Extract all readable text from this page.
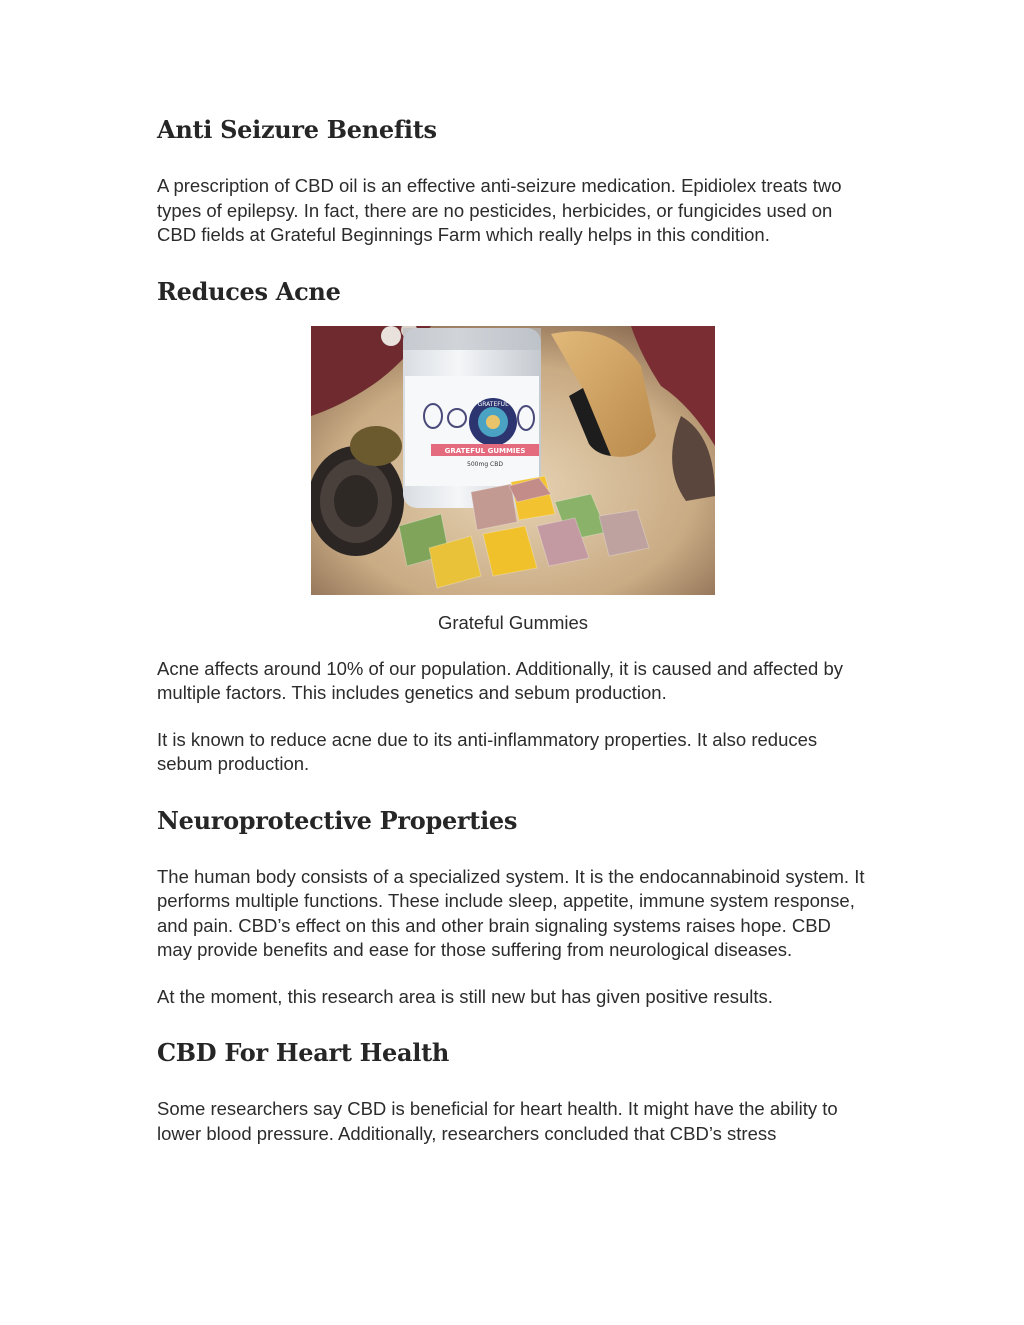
Anti Seizure Benefits

A prescription of CBD oil is an effective anti-seizure medication. Epidiolex treats two types of epilepsy. In fact, there are no pesticides, herbicides, or fungicides used on CBD fields at Grateful Beginnings Farm which really helps in this condition.

Reduces Acne
GRATEFUL
GRATEFUL GUMMIES
500mg CBD
Grateful Gummies

Acne affects around 10% of our population. Additionally, it is caused and affected by multiple factors. This includes genetics and sebum production.

It is known to reduce acne due to its anti-inflammatory properties. It also reduces sebum production.

Neuroprotective Properties

The human body consists of a specialized system. It is the endocannabinoid system. It performs multiple functions. These include sleep, appetite, immune system response, and pain. CBD’s effect on this and other brain signaling systems raises hope. CBD may provide benefits and ease for those suffering from neurological diseases.

At the moment, this research area is still new but has given positive results.

CBD For Heart Health

Some researchers say CBD is beneficial for heart health. It might have the ability to lower blood pressure. Additionally, researchers concluded that CBD’s stress
